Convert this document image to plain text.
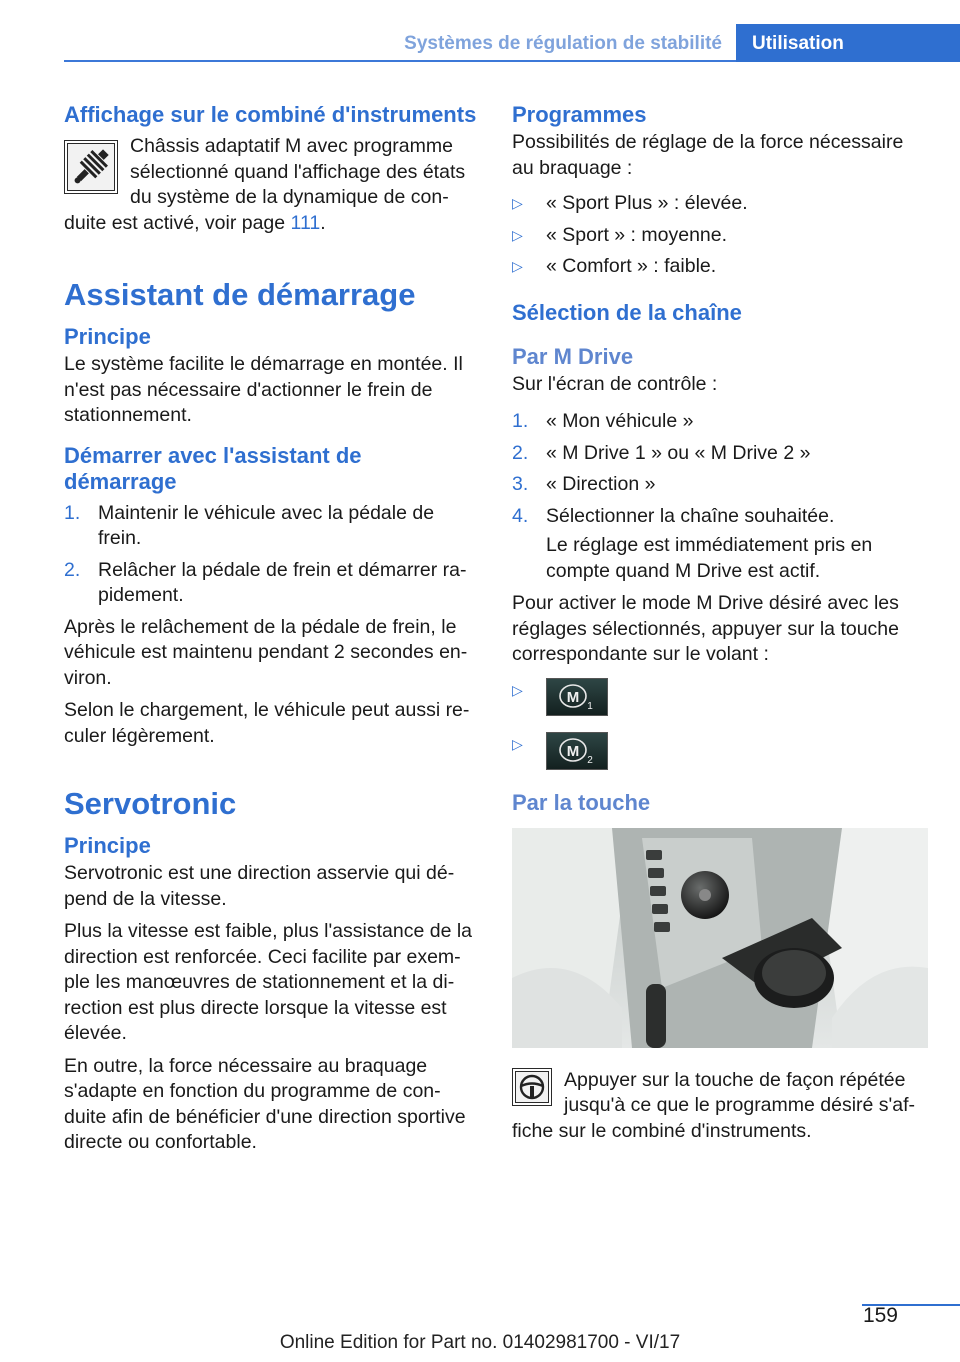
Systèmes de régulation de stabilité	Utilisation
Affichage sur le combiné d'instruments

Châssis adaptatif M avec programme sélectionné quand l'affichage des états du système de la dynamique de con‐duite est activé, voir page 111.

Assistant de démarrage
Principe

Le système facilite le démarrage en montée. Il n'est pas nécessaire d'actionner le frein de stationnement.

Démarrer avec l'assistant de démarrage
1. Maintenir le véhicule avec la pédale de frein.
2. Relâcher la pédale de frein et démarrer ra‐pidement.

Après le relâchement de la pédale de frein, le véhicule est maintenu pendant 2 secondes en‐viron.

Selon le chargement, le véhicule peut aussi re‐culer légèrement.

Servotronic
Principe

Servotronic est une direction asservie qui dé‐pend de la vitesse.

Plus la vitesse est faible, plus l'assistance de la direction est renforcée. Ceci facilite par exem‐ple les manœuvres de stationnement et la di‐rection est plus directe lorsque la vitesse est élevée.

En outre, la force nécessaire au braquage s'adapte en fonction du programme de con‐duite afin de bénéficier d'une direction sportive directe ou confortable.

Programmes

Possibilités de réglage de la force nécessaire au braquage :

▷ « Sport Plus » : élevée.
▷ « Sport » : moyenne.
▷ « Comfort » : faible.
Sélection de la chaîne
Par M Drive

Sur l'écran de contrôle :

1. « Mon véhicule »
2. « M Drive 1 » ou « M Drive 2 »
3. « Direction »
4. Sélectionner la chaîne souhaitée.

Le réglage est immédiatement pris en compte quand M Drive est actif.

Pour activer le mode M Drive désiré avec les réglages sélectionnés, appuyer sur la touche correspondante sur le volant :

▷	M
1
▷	M
2
Par la touche

Appuyer sur la touche de façon répétée jusqu'à ce que le programme désiré s'af‐fiche sur le combiné d'instruments.

159
Online Edition for Part no. 01402981700 - VI/17
